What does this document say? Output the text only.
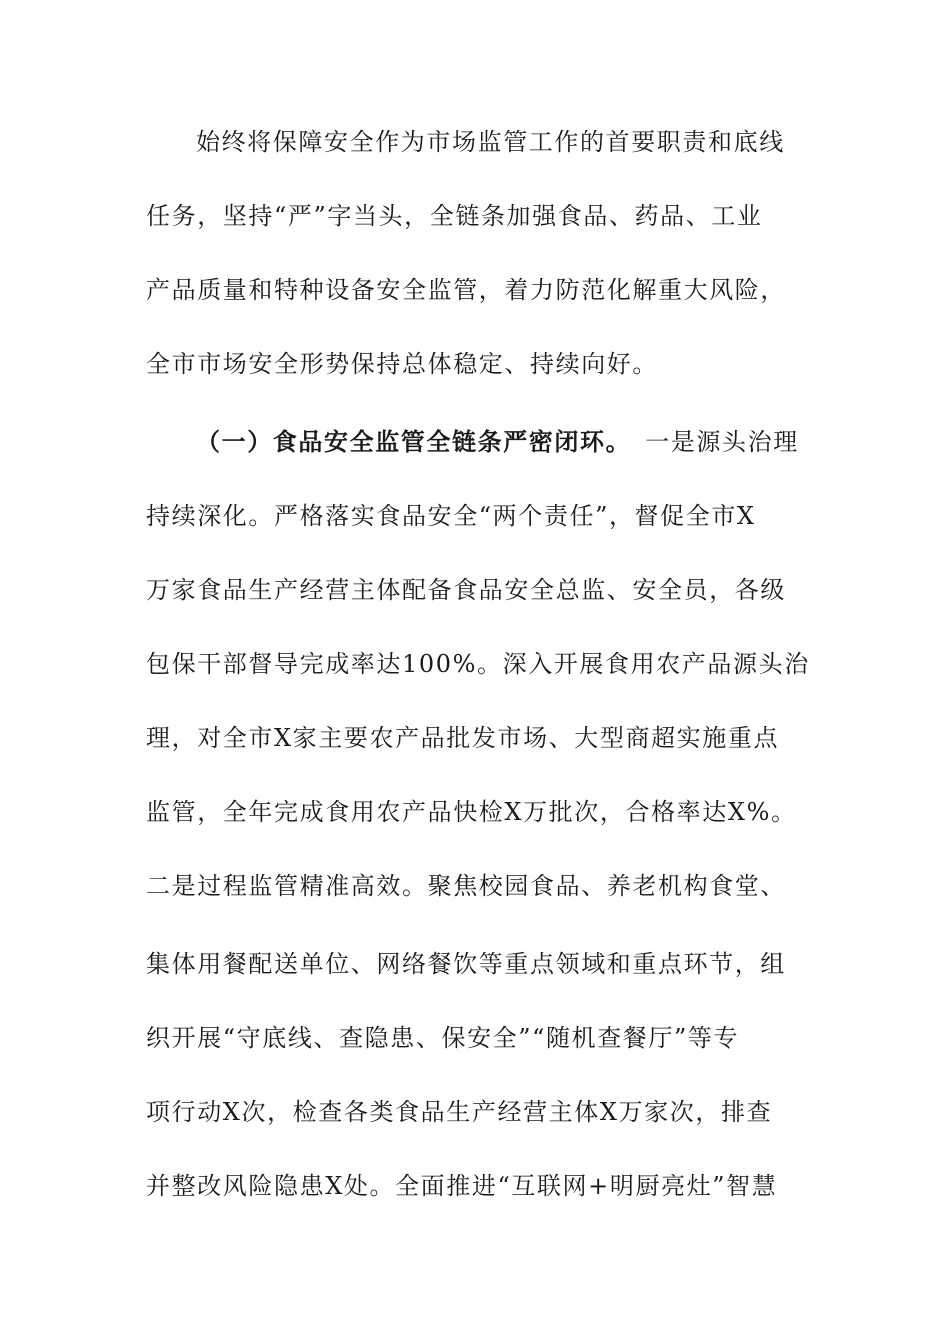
始终将保障安全作为市场监管工作的首要职责和底线
任务，坚持“严”字当头，全链条加强食品、药品、工业
产品质量和特种设备安全监管，着力防范化解重大风险，
全市市场安全形势保持总体稳定、持续向好。
（一）食品安全监管全链条严密闭环。 一是源头治理
持续深化。严格落实食品安全“两个责任”，督促全市X
万家食品生产经营主体配备食品安全总监、安全员，各级
包保干部督导完成率达100%。深入开展食用农产品源头治
理，对全市X家主要农产品批发市场、大型商超实施重点
监管，全年完成食用农产品快检X万批次，合格率达X%。
二是过程监管精准高效。聚焦校园食品、养老机构食堂、
集体用餐配送单位、网络餐饮等重点领域和重点环节，组
织开展“守底线、查隐患、保安全”“随机查餐厅”等专
项行动X次，检查各类食品生产经营主体X万家次，排查
并整改风险隐患X处。全面推进“互联网+明厨亮灶”智慧
